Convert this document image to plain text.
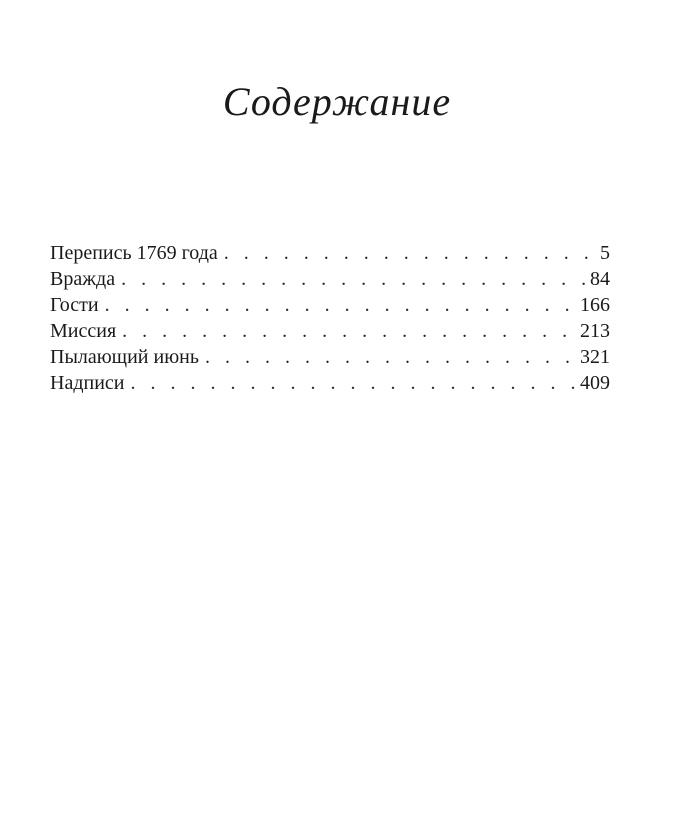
Содержание
Перепись 1769 года . . .	5
Вражда . . .	84
Гости . . .	166
Миссия . . .	213
Пылающий июнь . . .	321
Надписи . . .	409
